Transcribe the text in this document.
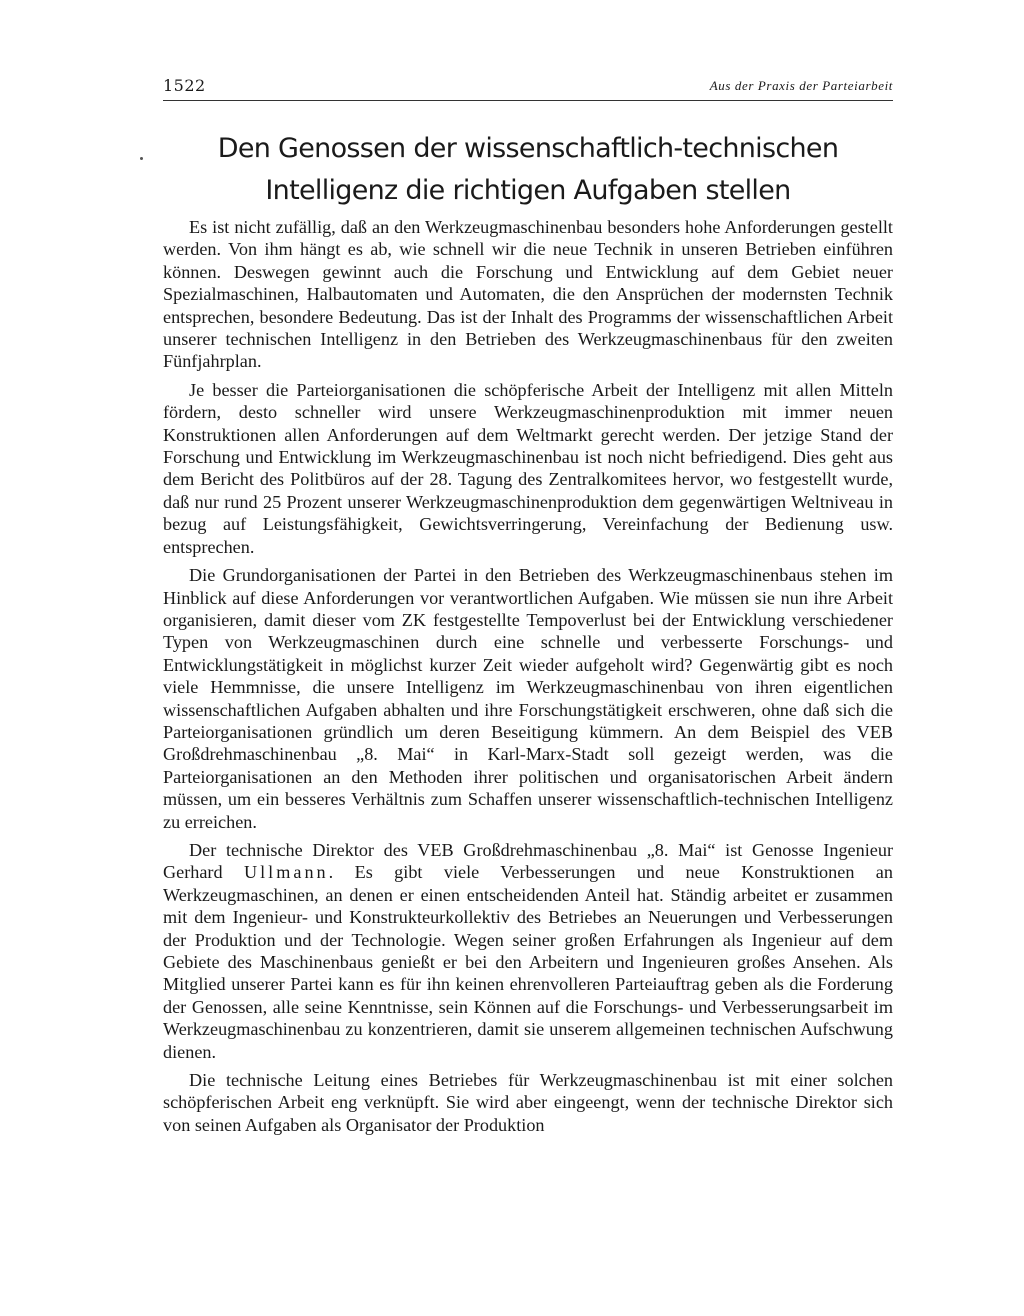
1522	Aus der Praxis der Parteiarbeit
Den Genossen der wissenschaftlich-technischen
Intelligenz die richtigen Aufgaben stellen

Es ist nicht zufällig, daß an den Werkzeugmaschinenbau besonders hohe Anforderungen gestellt werden. Von ihm hängt es ab, wie schnell wir die neue Technik in unseren Betrieben einführen können. Deswegen gewinnt auch die Forschung und Entwicklung auf dem Gebiet neuer Spezialmaschinen, Halbautomaten und Automaten, die den Ansprüchen der modernsten Technik entsprechen, besondere Bedeutung. Das ist der Inhalt des Programms der wissenschaftlichen Arbeit unserer technischen Intelligenz in den Betrieben des Werkzeugmaschinenbaus für den zweiten Fünfjahrplan.

Je besser die Parteiorganisationen die schöpferische Arbeit der Intelligenz mit allen Mitteln fördern, desto schneller wird unsere Werkzeugmaschinenproduktion mit immer neuen Konstruktionen allen Anforderungen auf dem Weltmarkt gerecht werden. Der jetzige Stand der Forschung und Entwicklung im Werkzeugmaschinenbau ist noch nicht befriedigend. Dies geht aus dem Bericht des Politbüros auf der 28. Tagung des Zentralkomitees hervor, wo festgestellt wurde, daß nur rund 25 Prozent unserer Werkzeugmaschinenproduktion dem gegenwärtigen Weltniveau in bezug auf Leistungsfähigkeit, Gewichtsverringerung, Vereinfachung der Bedienung usw. entsprechen.

Die Grundorganisationen der Partei in den Betrieben des Werkzeugmaschinenbaus stehen im Hinblick auf diese Anforderungen vor verantwortlichen Aufgaben. Wie müssen sie nun ihre Arbeit organisieren, damit dieser vom ZK festgestellte Tempoverlust bei der Entwicklung verschiedener Typen von Werkzeugmaschinen durch eine schnelle und verbesserte Forschungs- und Entwicklungstätigkeit in möglichst kurzer Zeit wieder aufgeholt wird? Gegenwärtig gibt es noch viele Hemmnisse, die unsere Intelligenz im Werkzeugmaschinenbau von ihren eigentlichen wissenschaftlichen Aufgaben abhalten und ihre Forschungstätigkeit erschweren, ohne daß sich die Parteiorganisationen gründlich um deren Beseitigung kümmern. An dem Beispiel des VEB Großdrehmaschinenbau „8. Mai“ in Karl-Marx-Stadt soll gezeigt werden, was die Parteiorganisationen an den Methoden ihrer politischen und organisatorischen Arbeit ändern müssen, um ein besseres Verhältnis zum Schaffen unserer wissenschaftlich-technischen Intelligenz zu erreichen.

Der technische Direktor des VEB Großdrehmaschinenbau „8. Mai“ ist Genosse Ingenieur Gerhard Ullmann. Es gibt viele Verbesserungen und neue Konstruktionen an Werkzeugmaschinen, an denen er einen entscheidenden Anteil hat. Ständig arbeitet er zusammen mit dem Ingenieur- und Konstrukteurkollektiv des Betriebes an Neuerungen und Verbesserungen der Produktion und der Technologie. Wegen seiner großen Erfahrungen als Ingenieur auf dem Gebiete des Maschinenbaus genießt er bei den Arbeitern und Ingenieuren großes Ansehen. Als Mitglied unserer Partei kann es für ihn keinen ehrenvolleren Parteiauftrag geben als die Forderung der Genossen, alle seine Kenntnisse, sein Können auf die Forschungs- und Verbesserungsarbeit im Werkzeugmaschinenbau zu konzentrieren, damit sie unserem allgemeinen technischen Aufschwung dienen.

Die technische Leitung eines Betriebes für Werkzeugmaschinenbau ist mit einer solchen schöpferischen Arbeit eng verknüpft. Sie wird aber eingeengt, wenn der technische Direktor sich von seinen Aufgaben als Organisator der Produktion
